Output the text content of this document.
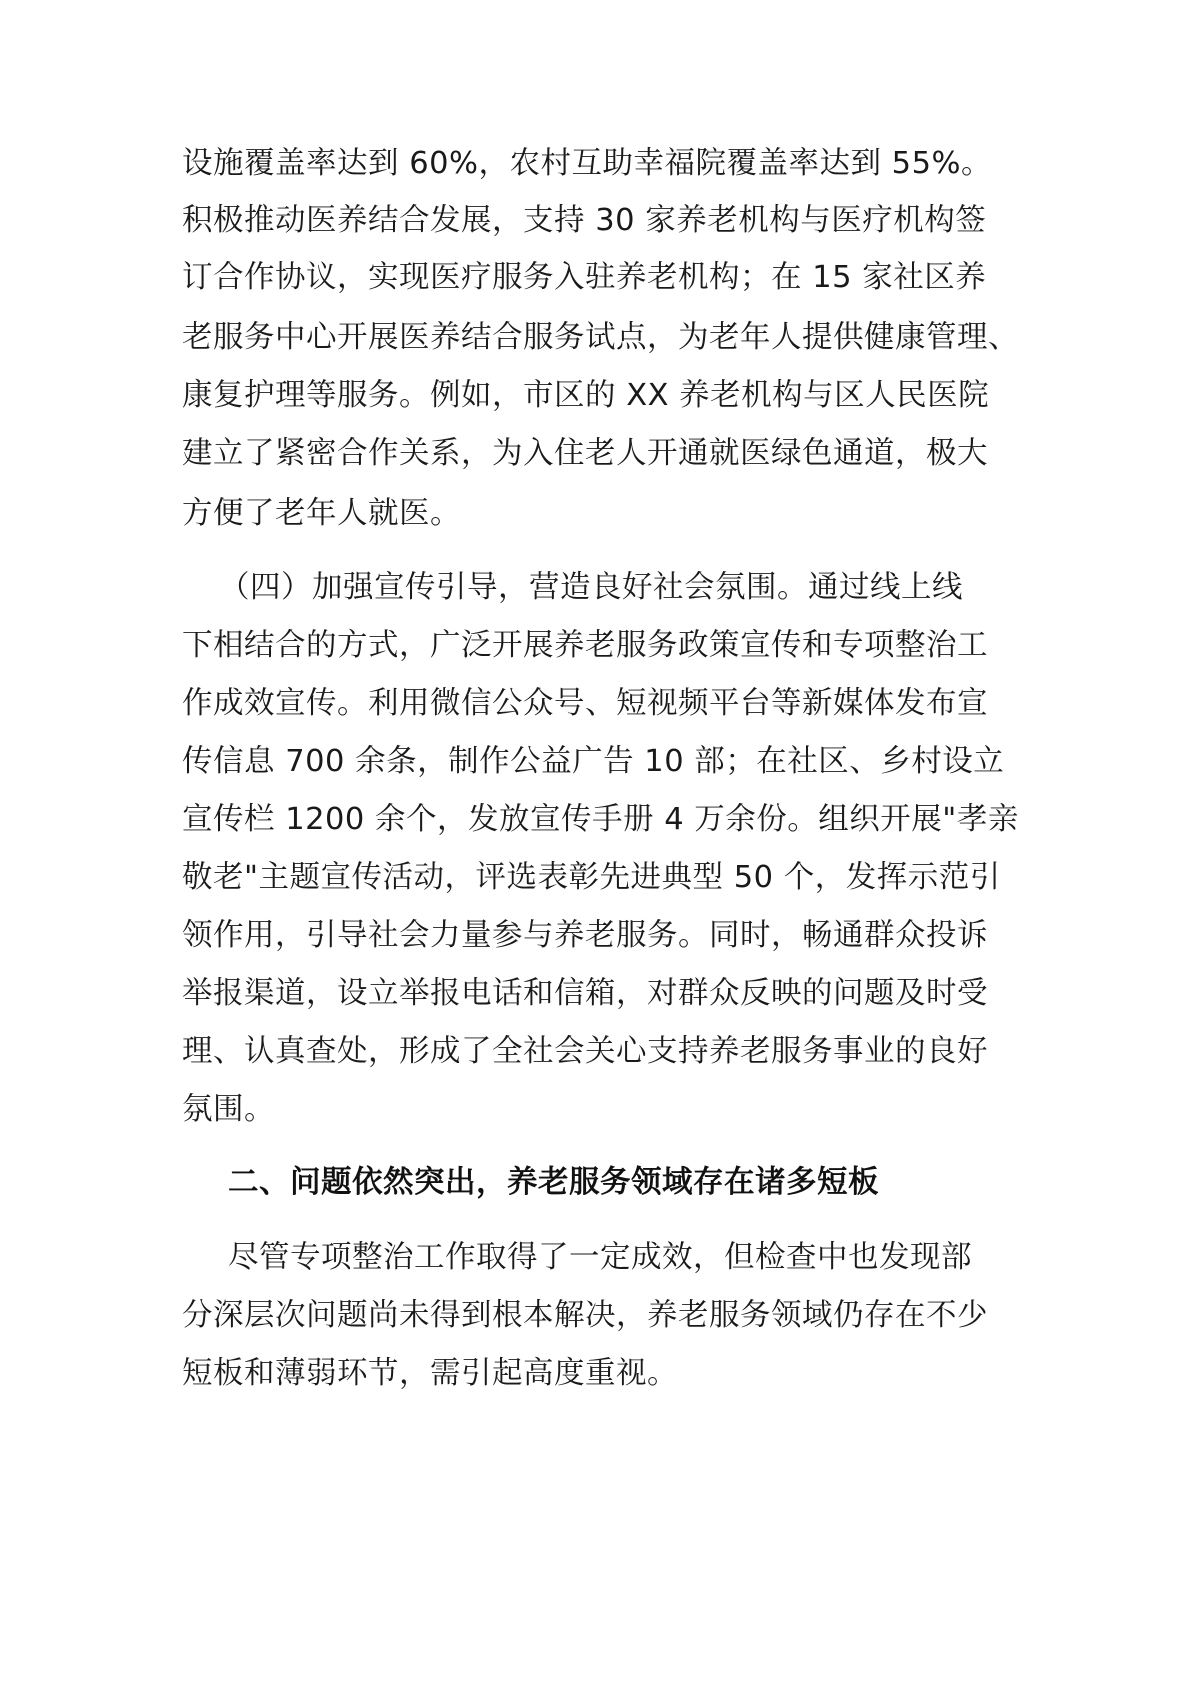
设施覆盖率达到 60%，农村互助幸福院覆盖率达到 55%。
积极推动医养结合发展，支持 30 家养老机构与医疗机构签
订合作协议，实现医疗服务入驻养老机构；在 15 家社区养
老服务中心开展医养结合服务试点，为老年人提供健康管理、
康复护理等服务。例如，市区的 XX 养老机构与区人民医院
建立了紧密合作关系，为入住老人开通就医绿色通道，极大
方便了老年人就医。
（四）加强宣传引导，营造良好社会氛围。通过线上线
下相结合的方式，广泛开展养老服务政策宣传和专项整治工
作成效宣传。利用微信公众号、短视频平台等新媒体发布宣
传信息 700 余条，制作公益广告 10 部；在社区、乡村设立
宣传栏 1200 余个，发放宣传手册 4 万余份。组织开展"孝亲
敬老"主题宣传活动，评选表彰先进典型 50 个，发挥示范引
领作用，引导社会力量参与养老服务。同时，畅通群众投诉
举报渠道，设立举报电话和信箱，对群众反映的问题及时受
理、认真查处，形成了全社会关心支持养老服务事业的良好
氛围。
二、问题依然突出，养老服务领域存在诸多短板
尽管专项整治工作取得了一定成效，但检查中也发现部
分深层次问题尚未得到根本解决，养老服务领域仍存在不少
短板和薄弱环节，需引起高度重视。
